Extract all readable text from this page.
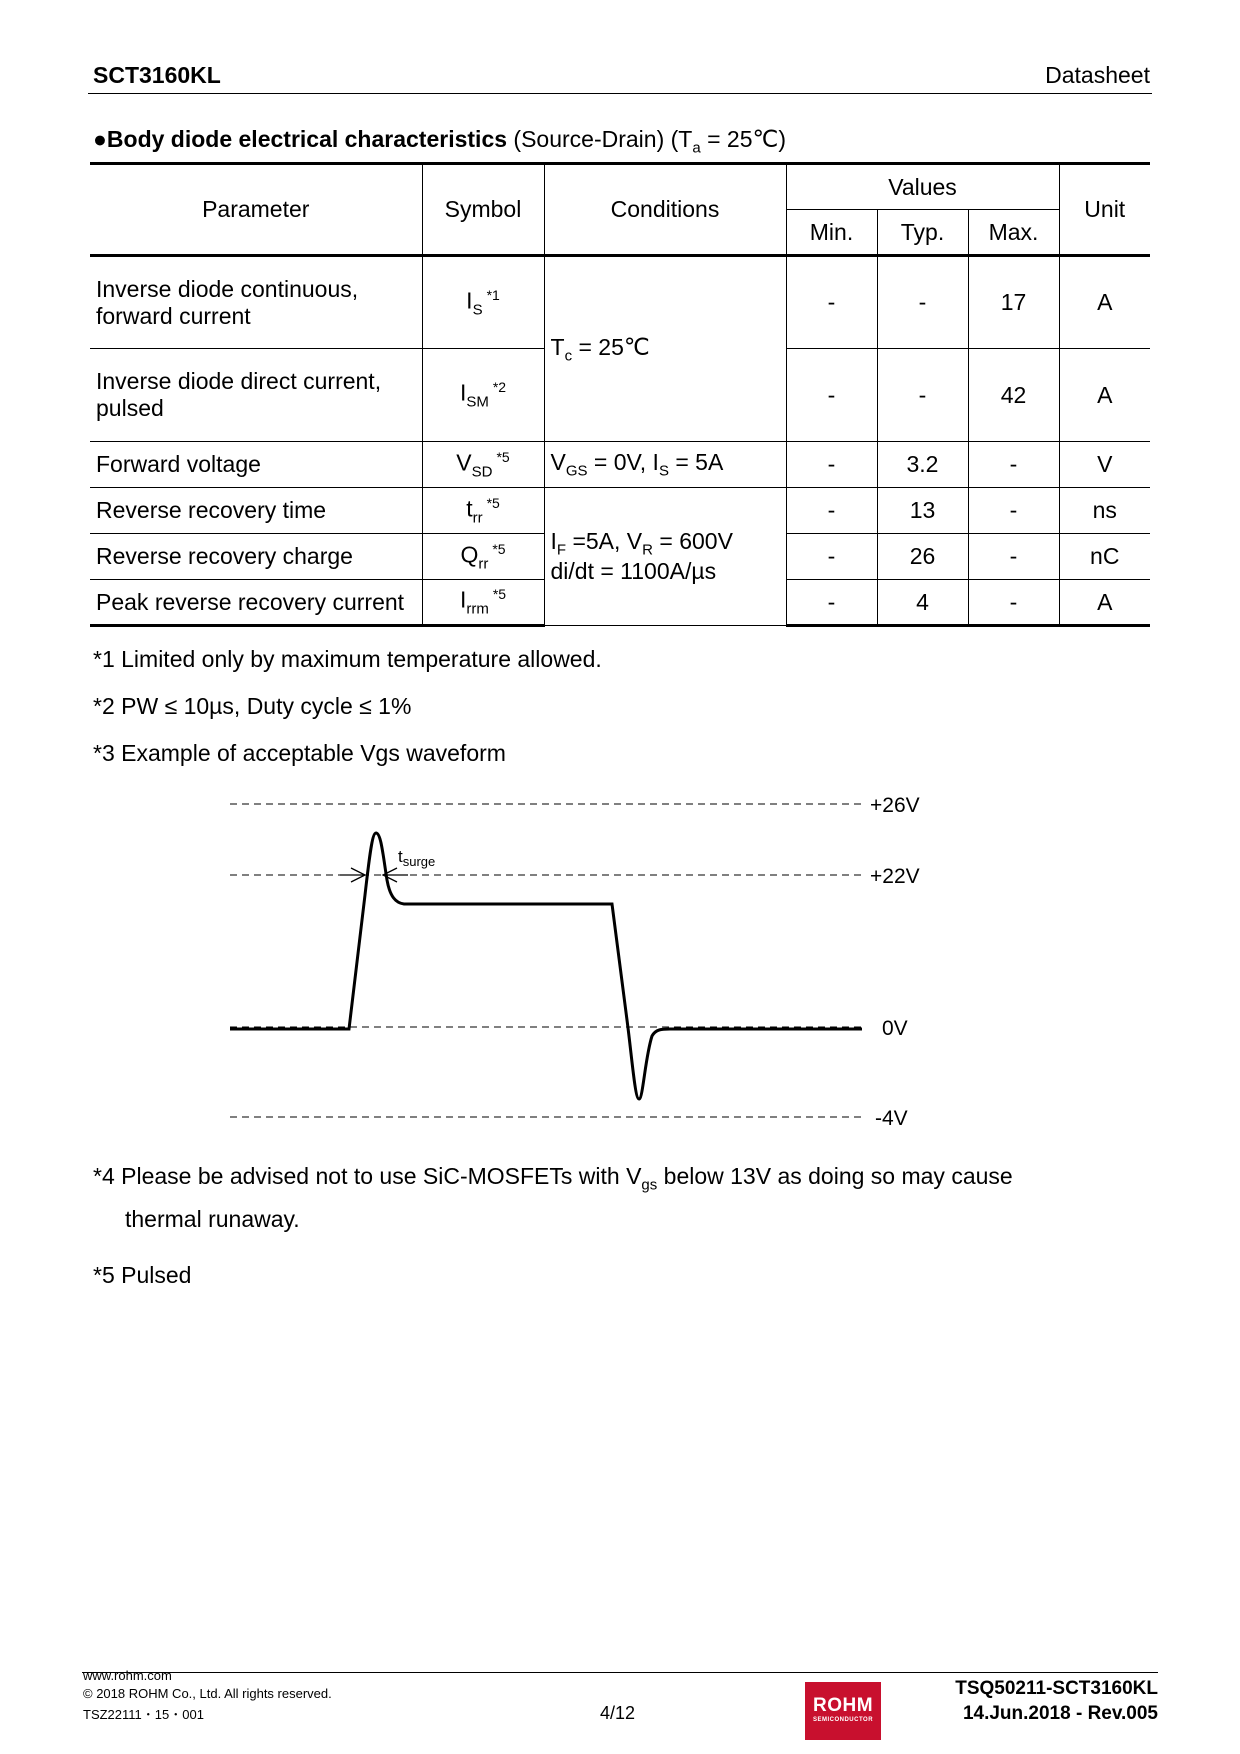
SCT3160KL	Datasheet
●Body diode electrical characteristics (Source-Drain) ($T_a$ = 25℃)
Parameter	Symbol	Conditions	Values			Unit
			Min.	Typ.	Max.	
Inverse diode continuous,
forward current	$I_S^{*1}$	$T_c$ = 25℃	-	-	17	A
Inverse diode direct current,
pulsed	$I_{SM}^{*2}$		-	-	42	A
Forward voltage	$V_{SD}^{*5}$	$V_{GS} = 0V$, $I_S = 5A$	-	3.2	-	V
Reverse recovery time	$t_{rr}^{*5}$	$I_F =5A$, $V_R = 600V$
di/dt = 1100A/µs	-	13	-	ns
Reverse recovery charge	$Q_{rr}^{*5}$		-	26	-	nC
Peak reverse recovery current	$I_{rrm}^{*5}$		-	4	-	A
*1 Limited only by maximum temperature allowed.
*2 PW ≤ 10µs, Duty cycle ≤ 1%
*3 Example of acceptable Vgs waveform
$t_{surge}$
+26V
+22V
0V
-4V
*4 Please be advised not to use SiC-MOSFETs with $V_{gs}$ below 13V as doing so may cause
thermal runaway.
*5 Pulsed
www.rohm.com
© 2018 ROHM Co., Ltd. All rights reserved.
TSZ22111・15・001	4/12	ROHM
SEMICONDUCTOR
TSQ50211-SCT3160KL
14.Jun.2018 - Rev.005
